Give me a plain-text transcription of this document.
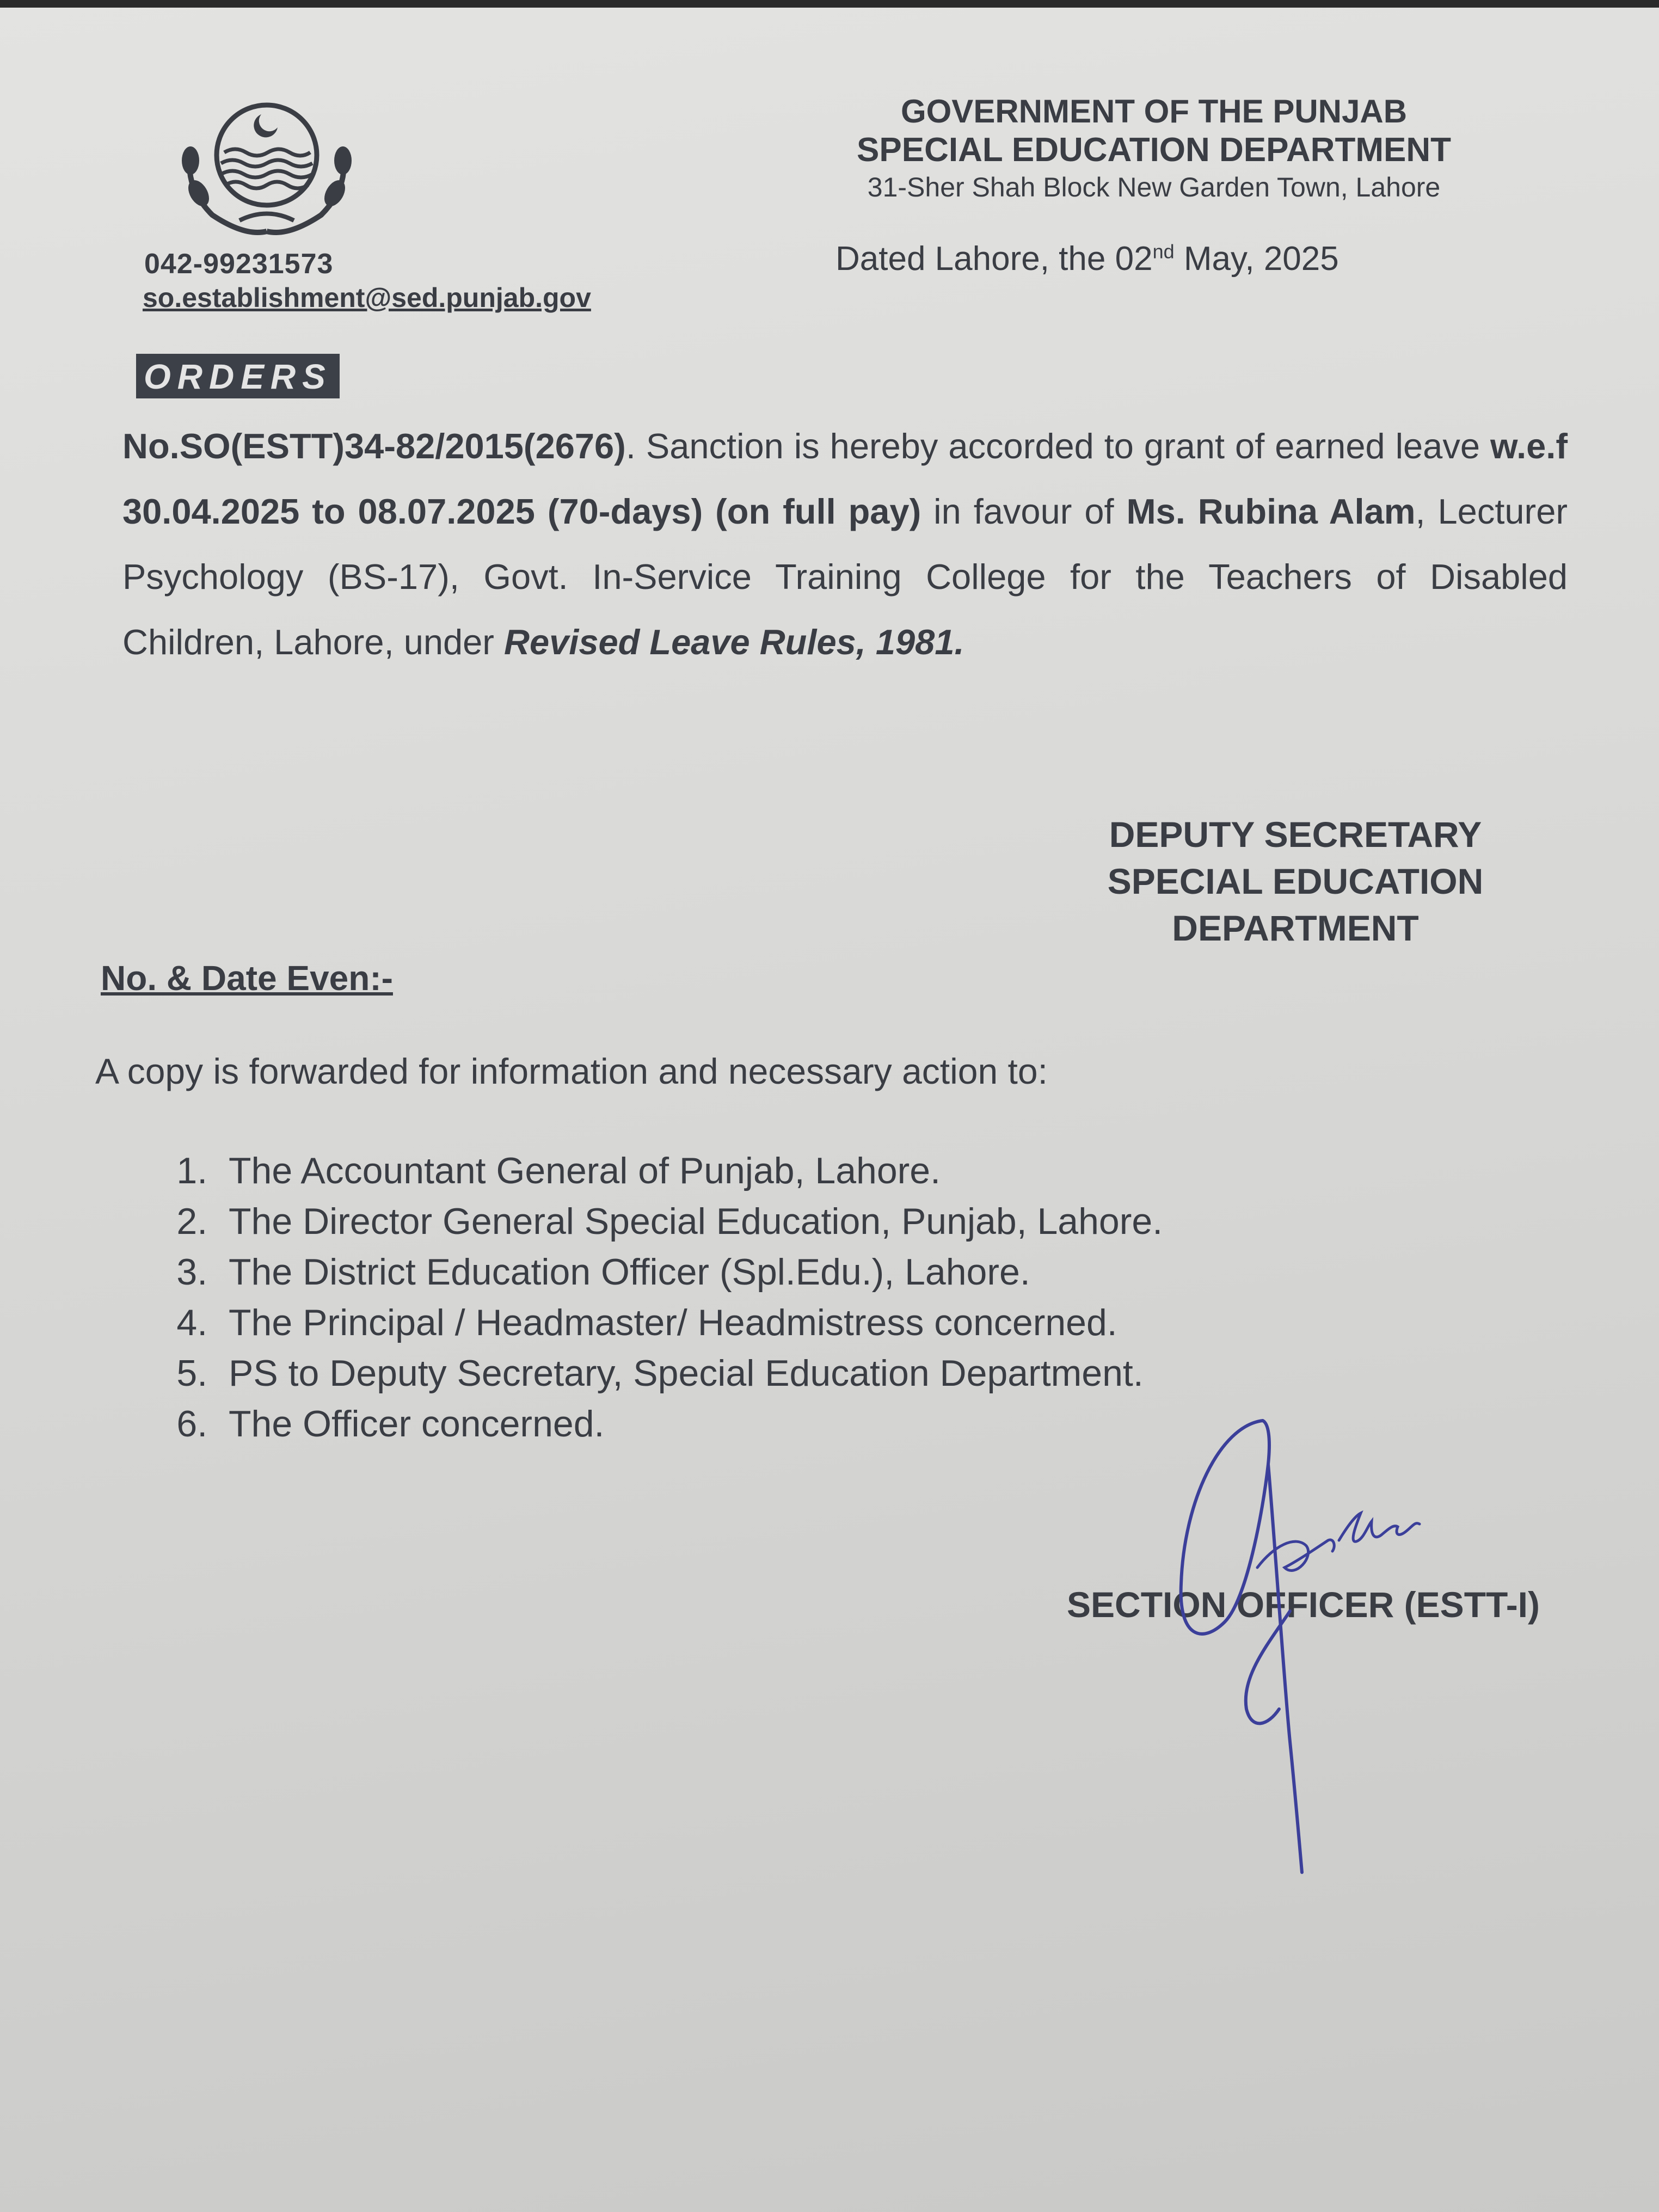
042-99231573
so.establishment@sed.punjab.gov
GOVERNMENT OF THE PUNJAB
SPECIAL EDUCATION DEPARTMENT
31-Sher Shah Block New Garden Town, Lahore
Dated Lahore, the 02nd May, 2025
ORDERS
No.SO(ESTT)34-82/2015(2676). Sanction is hereby accorded to grant of earned leave w.e.f 30.04.2025 to 08.07.2025 (70-days) (on full pay) in favour of Ms. Rubina Alam, Lecturer Psychology (BS-17), Govt. In-Service Training College for the Teachers of Disabled Children, Lahore, under Revised Leave Rules, 1981.
DEPUTY SECRETARY
SPECIAL EDUCATION
DEPARTMENT
No. & Date Even:-
A copy is forwarded for information and necessary action to:
1. The Accountant General of Punjab, Lahore.
2. The Director General Special Education, Punjab, Lahore.
3. The District Education Officer (Spl.Edu.), Lahore.
4. The Principal / Headmaster/ Headmistress concerned.
5. PS to Deputy Secretary, Special Education Department.
6. The Officer concerned.
SECTION OFFICER (ESTT-I)
